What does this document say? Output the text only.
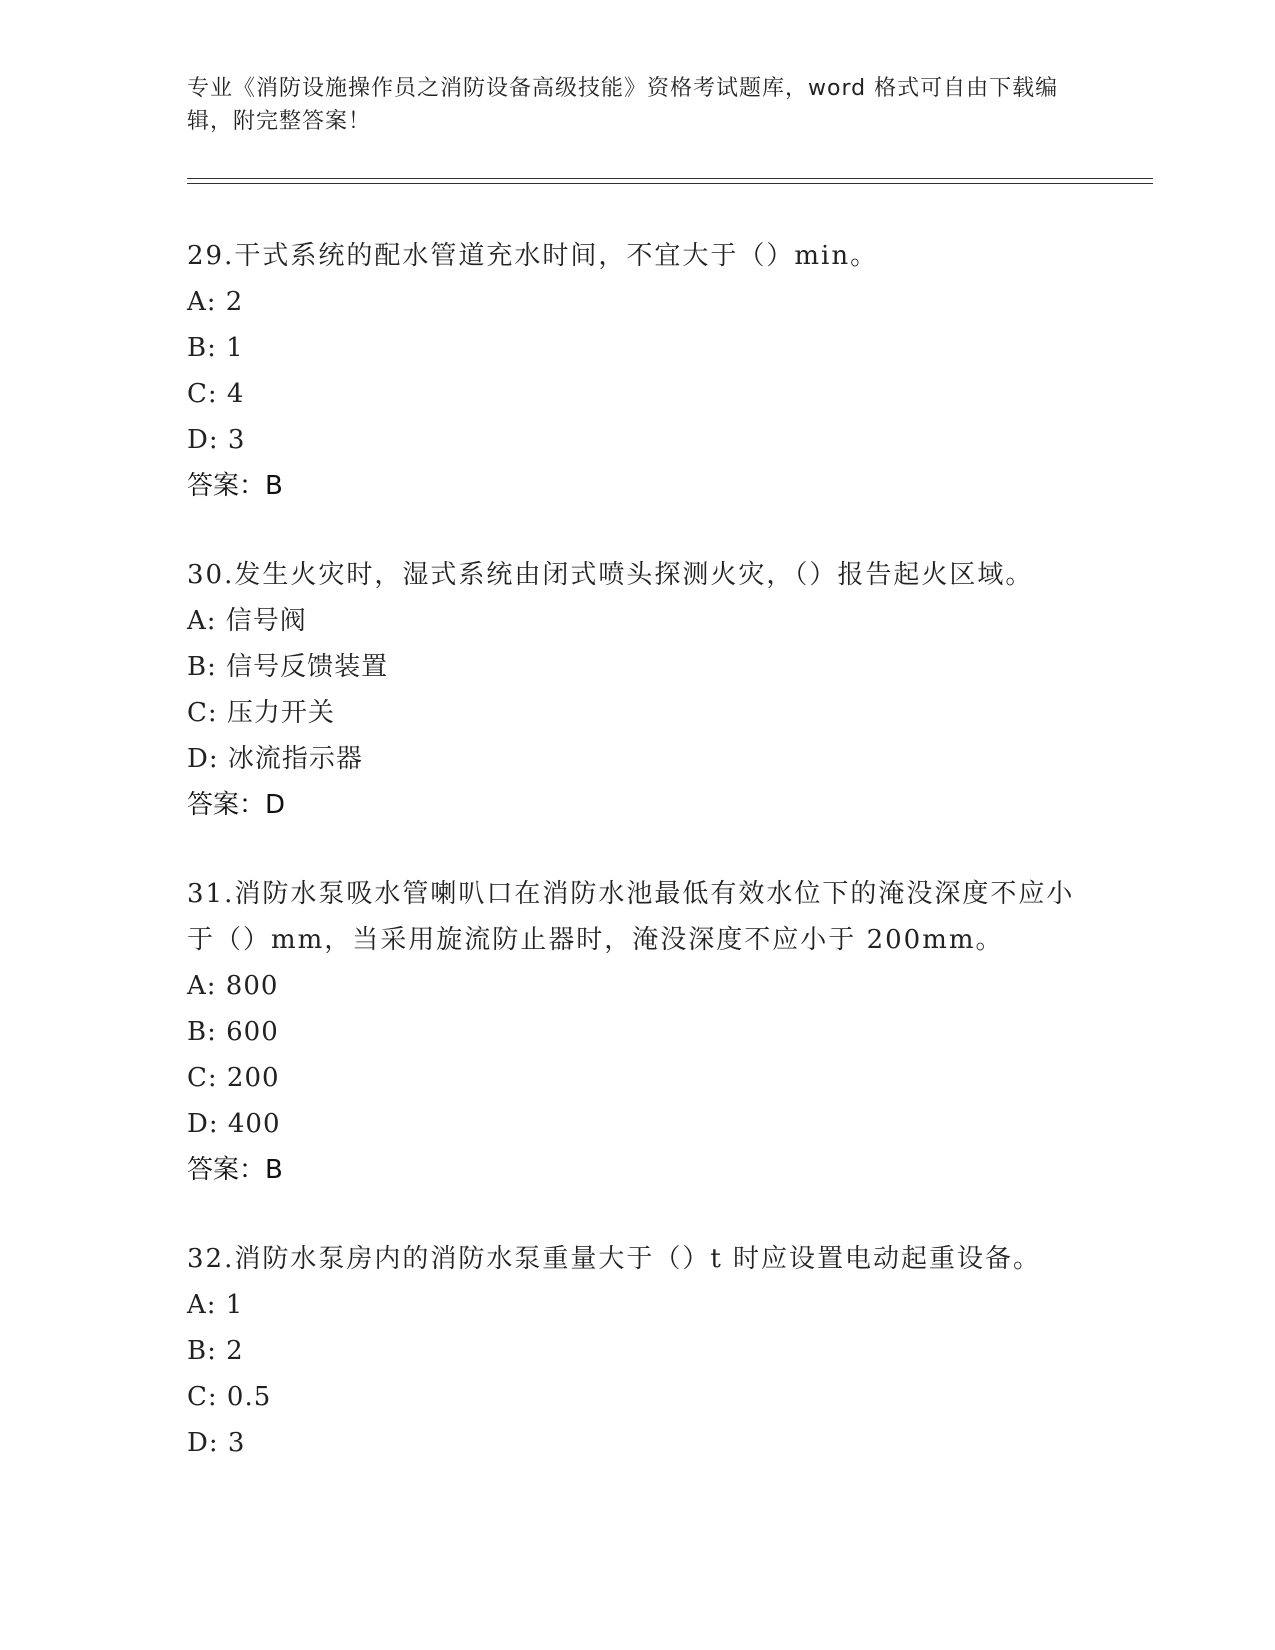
专业《消防设施操作员之消防设备高级技能》资格考试题库，word 格式可自由下载编辑，附完整答案！

29.干式系统的配水管道充水时间，不宜大于（）min。

A: 2

B: 1

C: 4

D: 3

答案：B

30.发生火灾时，湿式系统由闭式喷头探测火灾，（）报告起火区域。

A: 信号阀

B: 信号反馈装置

C: 压力开关

D: 冰流指示器

答案：D

31.消防水泵吸水管喇叭口在消防水池最低有效水位下的淹没深度不应小于（）mm，当采用旋流防止器时，淹没深度不应小于 200mm。

A: 800

B: 600

C: 200

D: 400

答案：B

32.消防水泵房内的消防水泵重量大于（）t 时应设置电动起重设备。

A: 1

B: 2

C: 0.5

D: 3
